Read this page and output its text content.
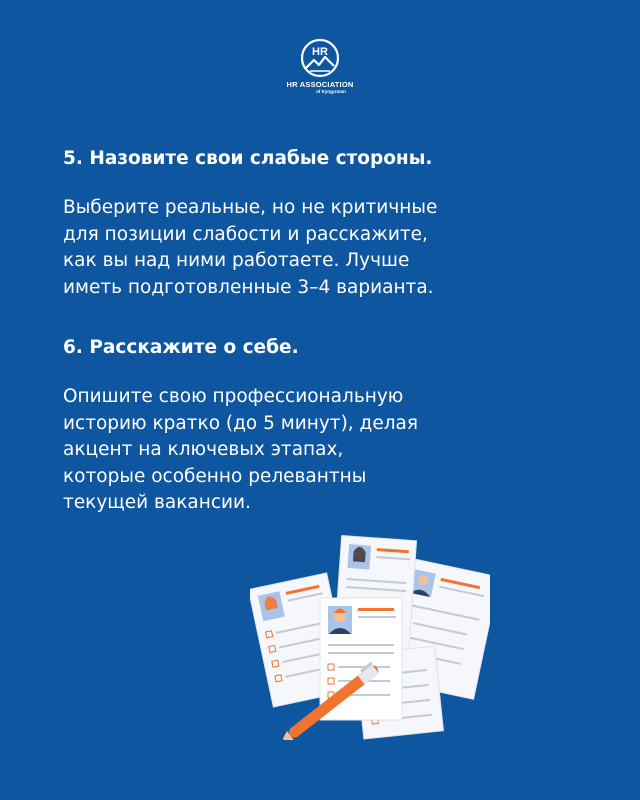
HR
HR ASSOCIATION
of Kyrgyzstan
5. Назовите свои слабые стороны.

Выберите реальные, но не критичные
для позиции слабости и расскажите,
как вы над ними работаете. Лучше
иметь подготовленные 3–4 варианта.

6. Расскажите о себе.

Опишите свою профессиональную
историю кратко (до 5 минут), делая
акцент на ключевых этапах,
которые особенно релевантны
текущей вакансии.
